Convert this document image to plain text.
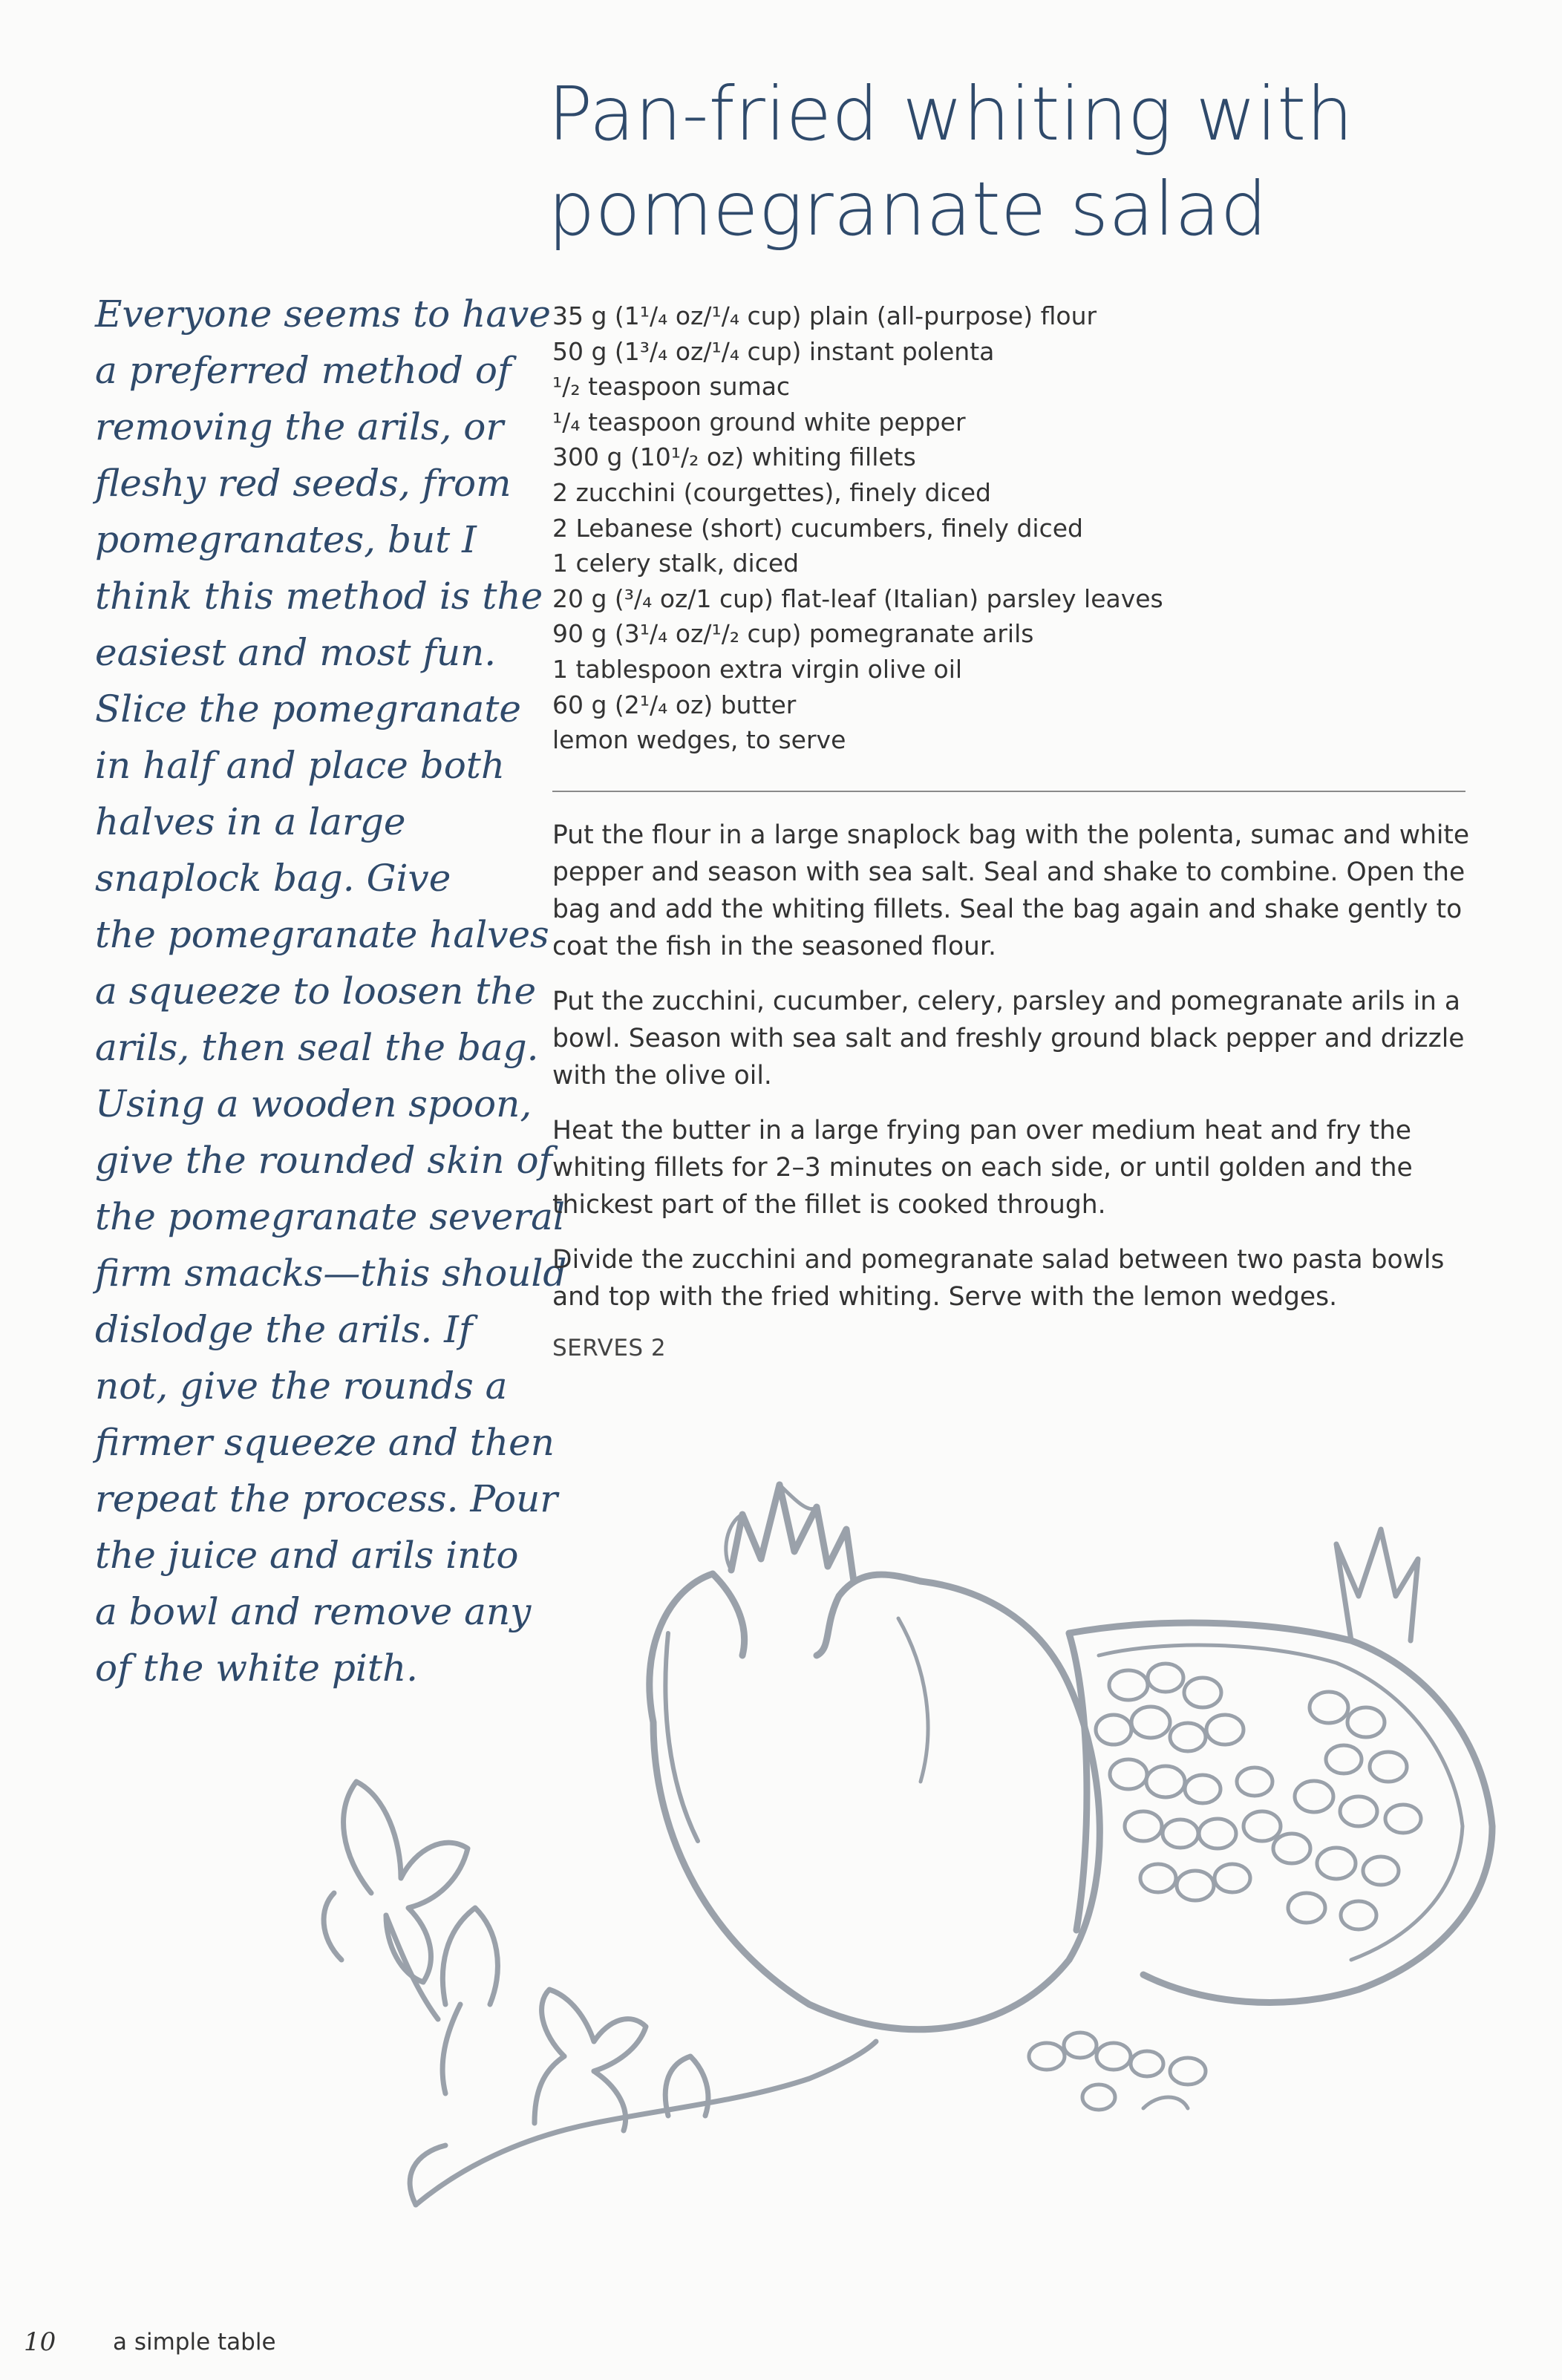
Pan-fried whiting with
pomegranate salad
Everyone seems to have
a preferred method of
removing the arils, or
fleshy red seeds, from
pomegranates, but I
think this method is the
easiest and most fun.
Slice the pomegranate
in half and place both
halves in a large
snaplock bag. Give
the pomegranate halves
a squeeze to loosen the
arils, then seal the bag.
Using a wooden spoon,
give the rounded skin of
the pomegranate several
firm smacks—this should
dislodge the arils. If
not, give the rounds a
firmer squeeze and then
repeat the process. Pour
the juice and arils into
a bowl and remove any
of the white pith.
35 g (1¹/₄ oz/¹/₄ cup) plain (all-purpose) flour
50 g (1³/₄ oz/¹/₄ cup) instant polenta
¹/₂ teaspoon sumac
¹/₄ teaspoon ground white pepper
300 g (10¹/₂ oz) whiting fillets
2 zucchini (courgettes), finely diced
2 Lebanese (short) cucumbers, finely diced
1 celery stalk, diced
20 g (³/₄ oz/1 cup) flat-leaf (Italian) parsley leaves
90 g (3¹/₄ oz/¹/₂ cup) pomegranate arils
1 tablespoon extra virgin olive oil
60 g (2¹/₄ oz) butter
lemon wedges, to serve

Put the flour in a large snaplock bag with the polenta, sumac and white pepper and season with sea salt. Seal and shake to combine. Open the bag and add the whiting fillets. Seal the bag again and shake gently to coat the fish in the seasoned flour.

Put the zucchini, cucumber, celery, parsley and pomegranate arils in a bowl. Season with sea salt and freshly ground black pepper and drizzle with the olive oil.

Heat the butter in a large frying pan over medium heat and fry the whiting fillets for 2–3 minutes on each side, or until golden and the thickest part of the fillet is cooked through.

Divide the zucchini and pomegranate salad between two pasta bowls and top with the fried whiting. Serve with the lemon wedges.

SERVES 2
10 a simple table
